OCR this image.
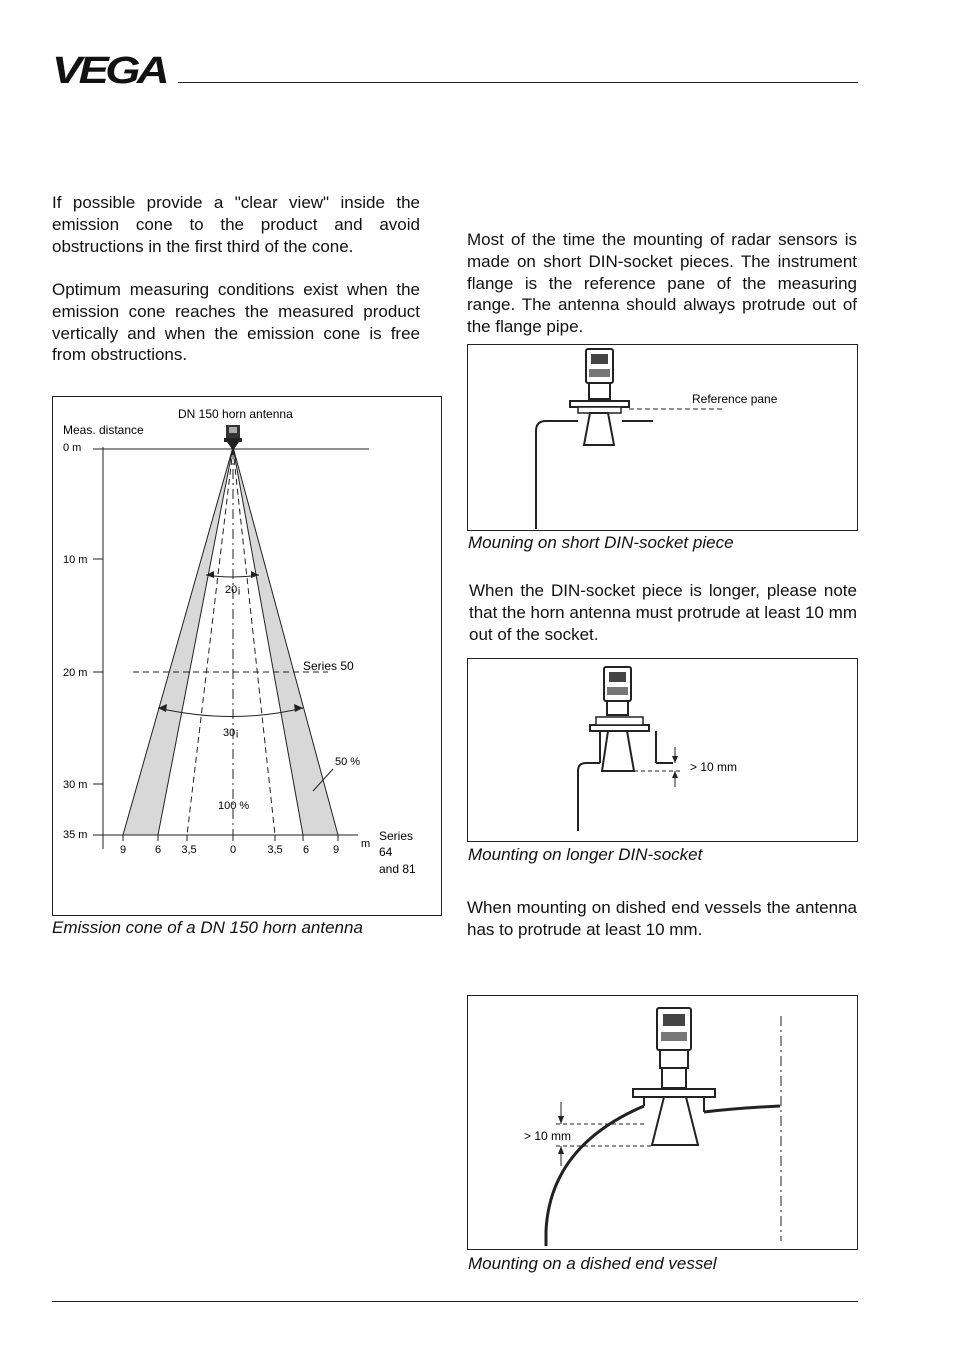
VEGA

If possible provide a "clear view" inside the emission cone to the product and avoid obstructions in the first third of the cone.

Optimum measuring conditions exist when the emission cone reaches the measured product vertically and when the emission cone is free from obstructions.

DN 150 horn antenna
Meas. distance
0 m
10 m
20 m
30 m
35 m
9	6 3,5	0	3,5 6 9 m
20¡
30¡
Series 50
50 %
100 %
Series
64
and 81
Emission cone of a DN 150 horn antenna

Most of the time the mounting of radar sensors is made on short DIN-socket pieces. The instrument flange is the reference pane of the measuring range. The antenna should always protrude out of the flange pipe.

Reference pane
Mouning on short DIN-socket piece

When the DIN-socket piece is longer, please note that the horn antenna must protrude at least 10 mm out of the socket.

> 10 mm
Mounting on longer DIN-socket

When mounting on dished end vessels the antenna has to protrude at least 10 mm.

> 10 mm
Mounting on a dished end vessel
